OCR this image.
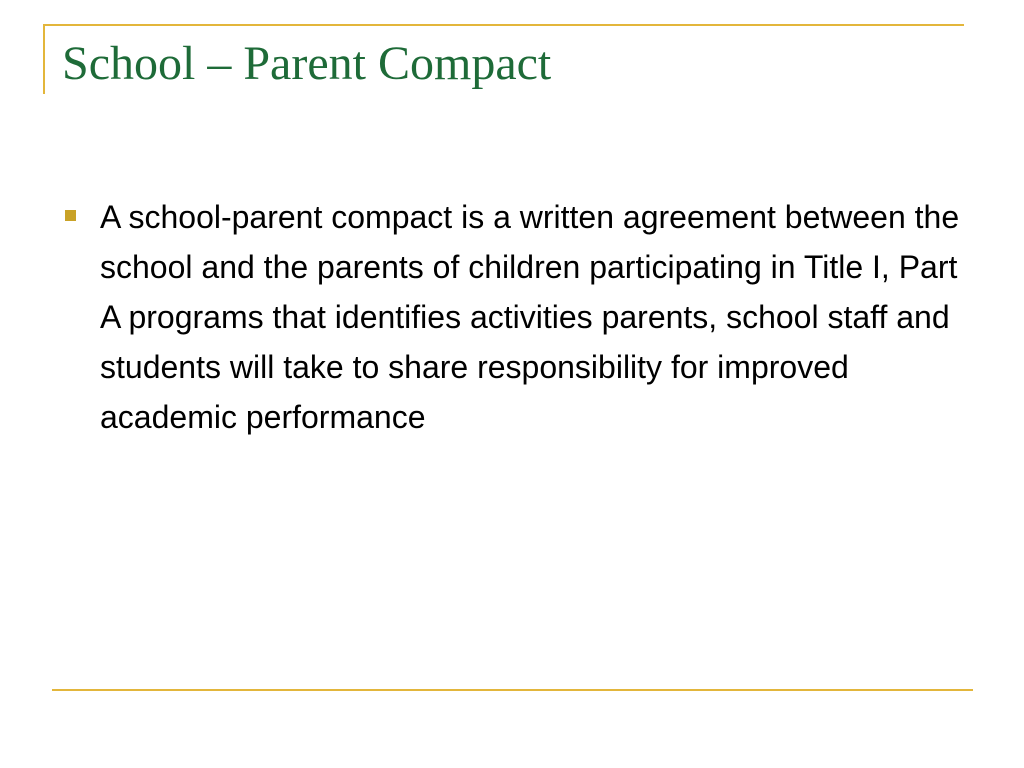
School – Parent Compact
A school-parent compact is a written agreement between the school and the parents of children participating in Title I, Part A programs that identifies activities parents, school staff and students will take to share responsibility for improved academic performance
